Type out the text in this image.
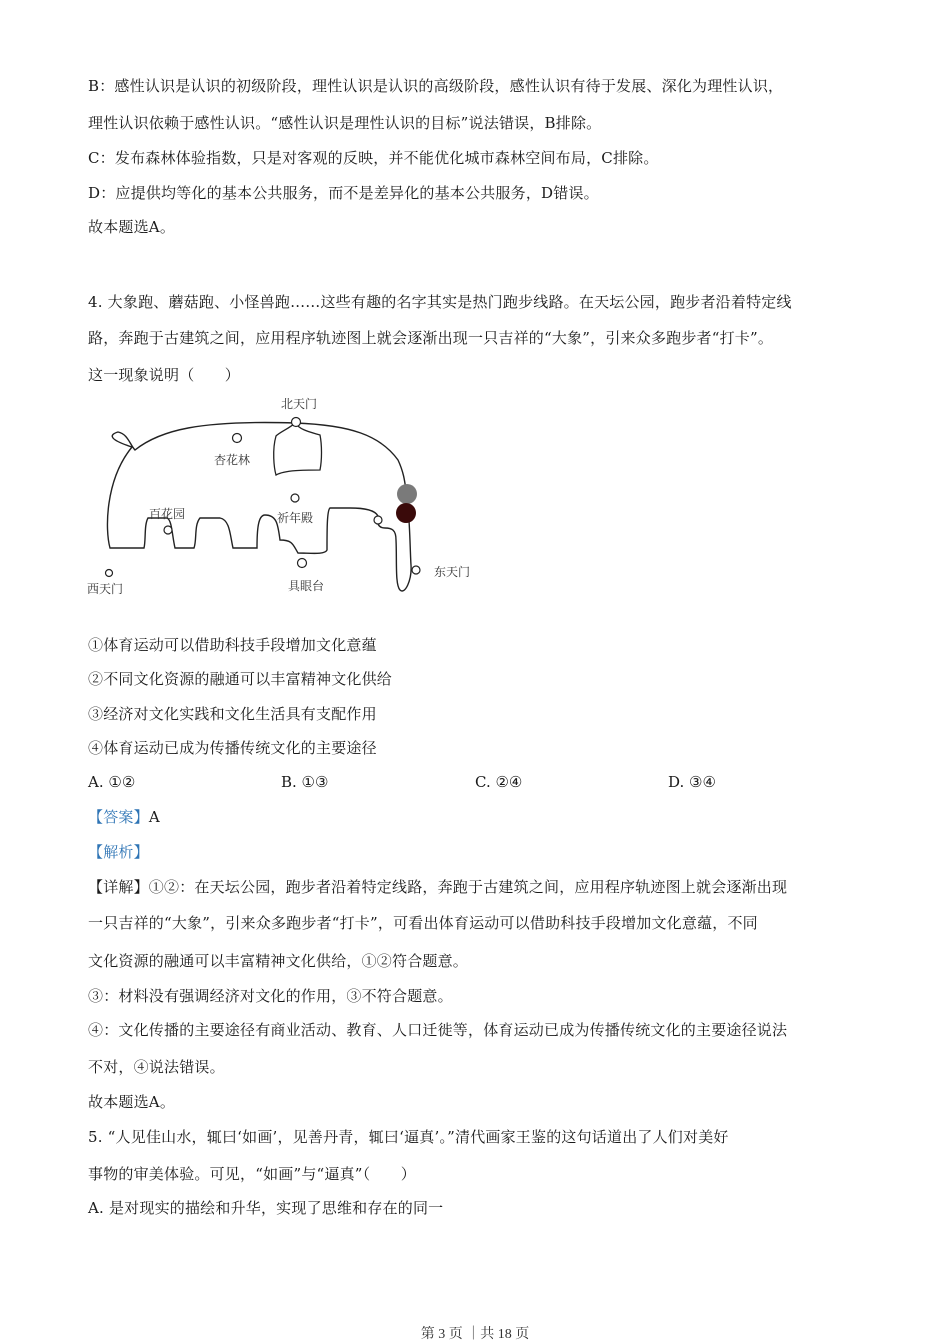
B：感性认识是认识的初级阶段，理性认识是认识的高级阶段，感性认识有待于发展、深化为理性认识，
理性认识依赖于感性认识。“感性认识是理性认识的目标”说法错误，B排除。
C：发布森林体验指数，只是对客观的反映，并不能优化城市森林空间布局，C排除。
D：应提供均等化的基本公共服务，而不是差异化的基本公共服务，D错误。
故本题选A。
4. 大象跑、蘑菇跑、小怪兽跑……这些有趣的名字其实是热门跑步线路。在天坛公园，跑步者沿着特定线
路，奔跑于古建筑之间，应用程序轨迹图上就会逐渐出现一只吉祥的“大象”，引来众多跑步者“打卡”。
这一现象说明（　　）
北天门
杏花林
百花园	祈年殿
东天门
西天门	具眼台
①体育运动可以借助科技手段增加文化意蕴
②不同文化资源的融通可以丰富精神文化供给
③经济对文化实践和文化生活具有支配作用
④体育运动已成为传播传统文化的主要途径
A. ①②	B. ①③	C. ②④	D. ③④
【答案】A
【解析】
【详解】①②：在天坛公园，跑步者沿着特定线路，奔跑于古建筑之间，应用程序轨迹图上就会逐渐出现
一只吉祥的“大象”，引来众多跑步者“打卡”，可看出体育运动可以借助科技手段增加文化意蕴，不同
文化资源的融通可以丰富精神文化供给，①②符合题意。
③：材料没有强调经济对文化的作用，③不符合题意。
④：文化传播的主要途径有商业活动、教育、人口迁徙等，体育运动已成为传播传统文化的主要途径说法
不对，④说法错误。
故本题选A。
5. “人见佳山水，辄曰‘如画’，见善丹青，辄曰‘逼真’。”清代画家王鉴的这句话道出了人们对美好
事物的审美体验。可见，“如画”与“逼真”（　　）
A. 是对现实的描绘和升华，实现了思维和存在的同一
第 3 页 ｜共 18 页
